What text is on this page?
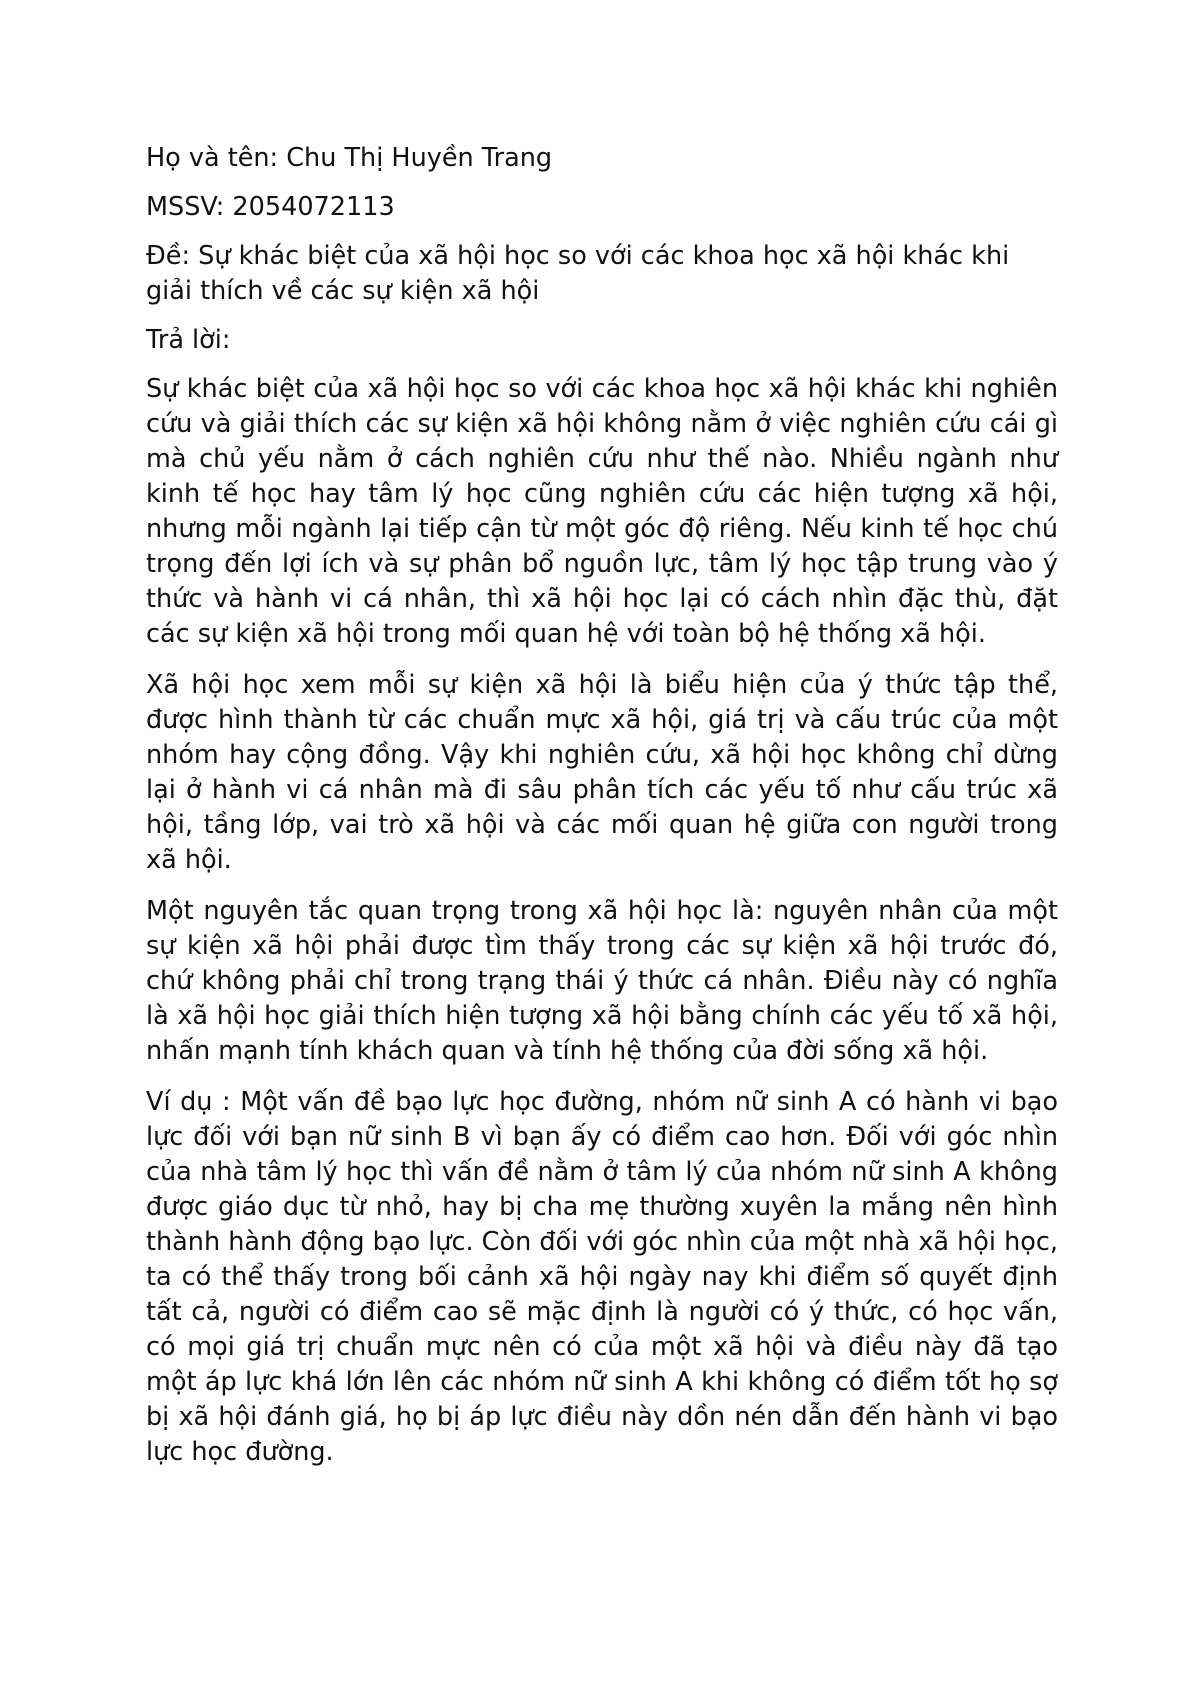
Họ và tên: Chu Thị Huyền Trang

MSSV: 2054072113

Đề: Sự khác biệt của xã hội học so với các khoa học xã hội khác khi giải thích về các sự kiện xã hội

Trả lời:

Sự khác biệt của xã hội học so với các khoa học xã hội khác khi nghiên cứu và giải thích các sự kiện xã hội không nằm ở việc nghiên cứu cái gì mà chủ yếu nằm ở cách nghiên cứu như thế nào. Nhiều ngành như kinh tế học hay tâm lý học cũng nghiên cứu các hiện tượng xã hội, nhưng mỗi ngành lại tiếp cận từ một góc độ riêng. Nếu kinh tế học chú trọng đến lợi ích và sự phân bổ nguồn lực, tâm lý học tập trung vào ý thức và hành vi cá nhân, thì xã hội học lại có cách nhìn đặc thù, đặt các sự kiện xã hội trong mối quan hệ với toàn bộ hệ thống xã hội.

Xã hội học xem mỗi sự kiện xã hội là biểu hiện của ý thức tập thể, được hình thành từ các chuẩn mực xã hội, giá trị và cấu trúc của một nhóm hay cộng đồng. Vậy khi nghiên cứu, xã hội học không chỉ dừng lại ở hành vi cá nhân mà đi sâu phân tích các yếu tố như cấu trúc xã hội, tầng lớp, vai trò xã hội và các mối quan hệ giữa con người trong xã hội.

Một nguyên tắc quan trọng trong xã hội học là: nguyên nhân của một sự kiện xã hội phải được tìm thấy trong các sự kiện xã hội trước đó, chứ không phải chỉ trong trạng thái ý thức cá nhân. Điều này có nghĩa là xã hội học giải thích hiện tượng xã hội bằng chính các yếu tố xã hội, nhấn mạnh tính khách quan và tính hệ thống của đời sống xã hội.

Ví dụ : Một vấn đề bạo lực học đường, nhóm nữ sinh A có hành vi bạo lực đối với bạn nữ sinh B vì bạn ấy có điểm cao hơn. Đối với góc nhìn của nhà tâm lý học thì vấn đề nằm ở tâm lý của nhóm nữ sinh A không được giáo dục từ nhỏ, hay bị cha mẹ thường xuyên la mắng nên hình thành hành động bạo lực. Còn đối với góc nhìn của một nhà xã hội học, ta có thể thấy trong bối cảnh xã hội ngày nay khi điểm số quyết định tất cả, người có điểm cao sẽ mặc định là người có ý thức, có học vấn, có mọi giá trị chuẩn mực nên có của một xã hội và điều này đã tạo một áp lực khá lớn lên các nhóm nữ sinh A khi không có điểm tốt họ sợ bị xã hội đánh giá, họ bị áp lực điều này dồn nén dẫn đến hành vi bạo lực học đường.
